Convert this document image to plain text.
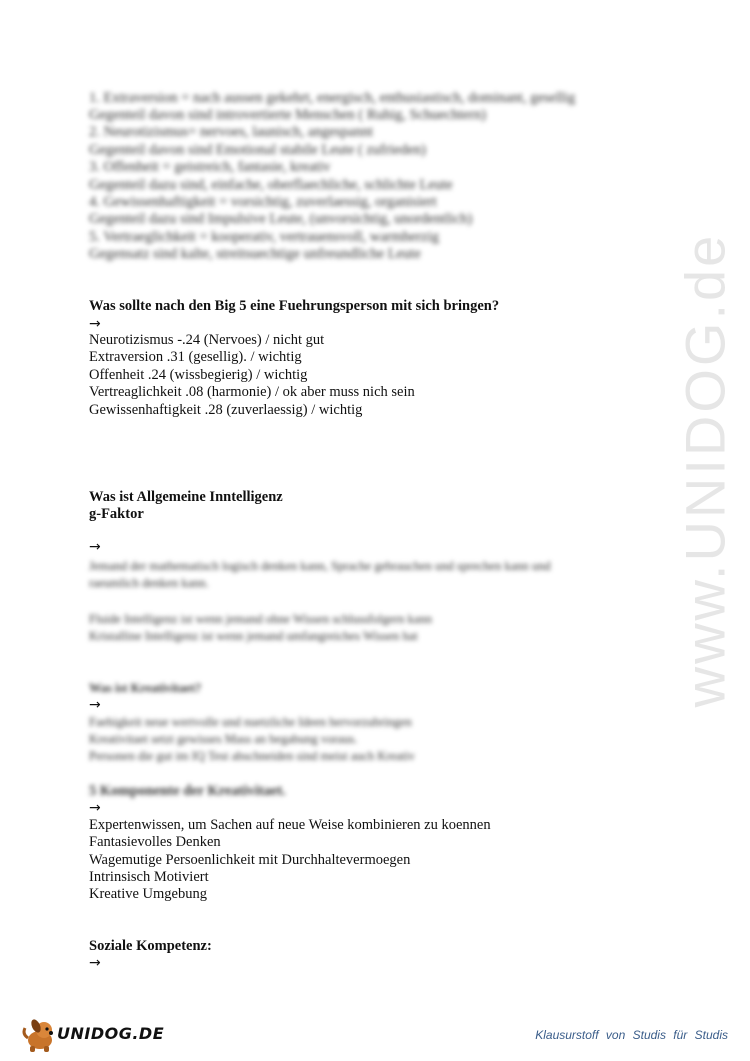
www.UNIDOG.de
1. Extraversion = nach aussen gekehrt, energisch, enthusiastisch, dominant, gesellig
Gegenteil davon sind introvertierte Menschen ( Ruhig, Schuechtern)
2. Neurotizismus= nervoes, launisch, angespannt
Gegenteil davon sind Emotional stabile Leute ( zufrieden)
3. Offenheit = geistreich, fantasie, kreativ
Gegenteil dazu sind, einfache, oberflaechliche, schlichte Leute
4. Gewissenhaftigkeit = vorsichtig, zuverlaessig, organisiert
Gegenteil dazu sind Impulsive Leute, (unvorsichtig, unordentlich)
5. Vertraeglichkeit = kooperativ, vertrauensvoll, warmherzig
Gegensatz sind kalte, streitsuechtige unfreundliche Leute
Was sollte nach den Big 5 eine Fuehrungsperson mit sich bringen?
→
Neurotizismus -.24 (Nervoes) / nicht gut
Extraversion .31 (gesellig). / wichtig
Offenheit .24 (wissbegierig) / wichtig
Vertreaglichkeit .08 (harmonie) / ok aber muss nich sein
Gewissenhaftigkeit .28 (zuverlaessig) / wichtig
Was ist Allgemeine Inntelligenz
g-Faktor
→
Jemand der mathematisch logisch denken kann, Sprache gebrauchen und sprechen kann und
raeumlich denken kann.
Fluide Intelligenz ist wenn jemand ohne Wissen schlussfolgern kann
Kristalline Intelligenz ist wenn jemand umfangreiches Wissen hat
Was ist Kreativitaet?
→
Faehigkeit neue wertvolle und nuetzliche Ideen hervorzubringen
Kreativitaet setzt gewisses Mass an begabung voraus.
Personen die gut im IQ Test abschneiden sind meist auch Kreativ
5 Komponente der Kreativitaet.
→
Expertenwissen, um Sachen auf neue Weise kombinieren zu koennen
Fantasievolles Denken
Wagemutige Persoenlichkeit mit Durchhaltevermoegen
Intrinsisch Motiviert
Kreative Umgebung
Soziale Kompetenz:
→
UNIDOG.DE	Klausurstoff von Studis für Studis
